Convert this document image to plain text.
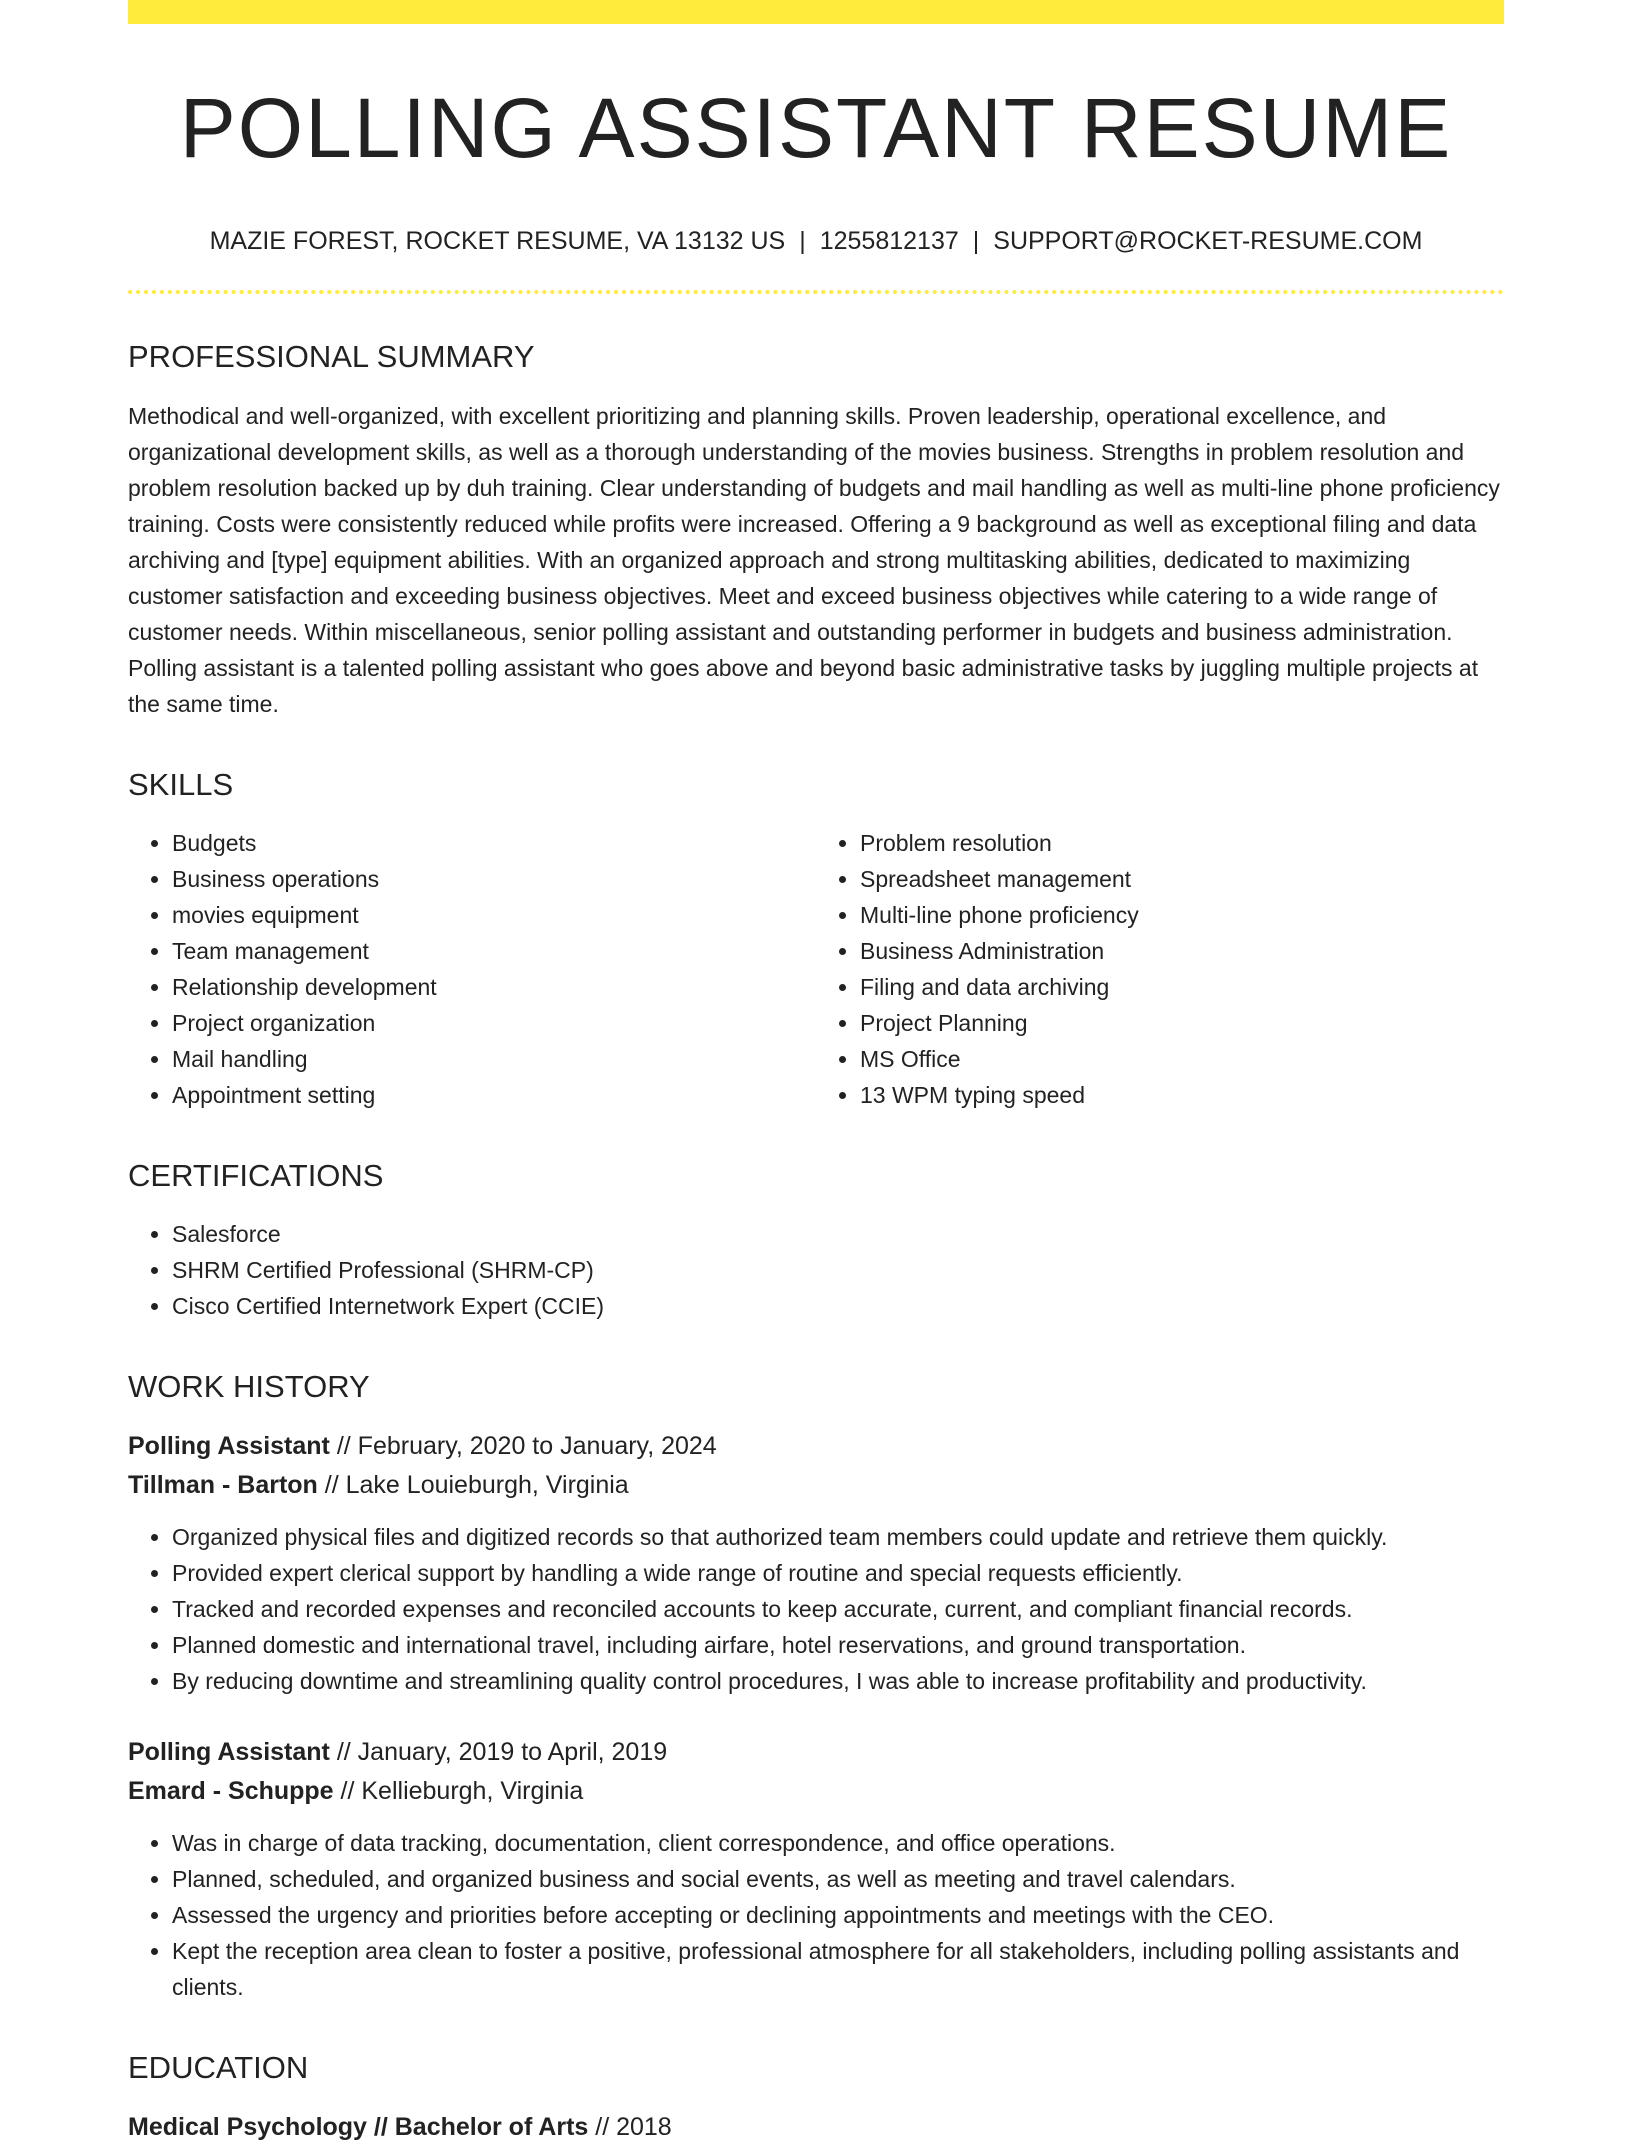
POLLING ASSISTANT RESUME
MAZIE FOREST, ROCKET RESUME, VA 13132 US | 1255812137 | SUPPORT@ROCKET-RESUME.COM
PROFESSIONAL SUMMARY

Methodical and well-organized, with excellent prioritizing and planning skills. Proven leadership, operational excellence, and organizational development skills, as well as a thorough understanding of the movies business. Strengths in problem resolution and problem resolution backed up by duh training. Clear understanding of budgets and mail handling as well as multi-line phone proficiency training. Costs were consistently reduced while profits were increased. Offering a 9 background as well as exceptional filing and data archiving and [type] equipment abilities. With an organized approach and strong multitasking abilities, dedicated to maximizing customer satisfaction and exceeding business objectives. Meet and exceed business objectives while catering to a wide range of customer needs. Within miscellaneous, senior polling assistant and outstanding performer in budgets and business administration. Polling assistant is a talented polling assistant who goes above and beyond basic administrative tasks by juggling multiple projects at the same time.

SKILLS
• Budgets
• Business operations
• movies equipment
• Team management
• Relationship development
• Project organization
• Mail handling
• Appointment setting
• Problem resolution
• Spreadsheet management
• Multi-line phone proficiency
• Business Administration
• Filing and data archiving
• Project Planning
• MS Office
• 13 WPM typing speed
CERTIFICATIONS
• Salesforce
• SHRM Certified Professional (SHRM-CP)
• Cisco Certified Internetwork Expert (CCIE)
WORK HISTORY
Polling Assistant // February, 2020 to January, 2024
Tillman - Barton // Lake Louieburgh, Virginia
• Organized physical files and digitized records so that authorized team members could update and retrieve them quickly.
• Provided expert clerical support by handling a wide range of routine and special requests efficiently.
• Tracked and recorded expenses and reconciled accounts to keep accurate, current, and compliant financial records.
• Planned domestic and international travel, including airfare, hotel reservations, and ground transportation.
• By reducing downtime and streamlining quality control procedures, I was able to increase profitability and productivity.
Polling Assistant // January, 2019 to April, 2019
Emard - Schuppe // Kellieburgh, Virginia
• Was in charge of data tracking, documentation, client correspondence, and office operations.
• Planned, scheduled, and organized business and social events, as well as meeting and travel calendars.
• Assessed the urgency and priorities before accepting or declining appointments and meetings with the CEO.
• Kept the reception area clean to foster a positive, professional atmosphere for all stakeholders, including polling assistants and clients.
EDUCATION
Medical Psychology // Bachelor of Arts // 2018
